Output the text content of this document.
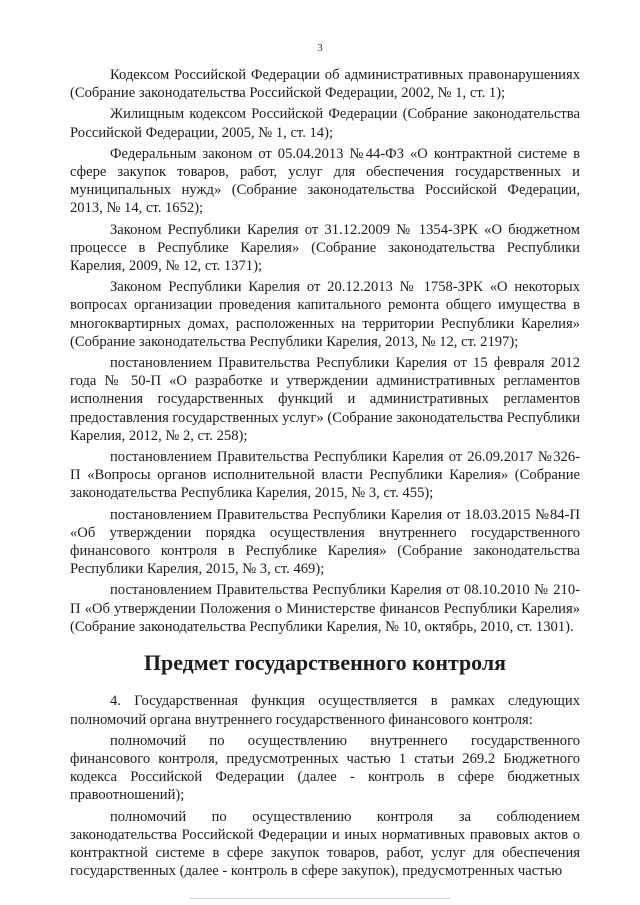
3

Кодексом Российской Федерации об административных правонарушениях (Собрание законодательства Российской Федерации, 2002, № 1, ст. 1);

Жилищным кодексом Российской Федерации (Собрание законодательства Российской Федерации, 2005, № 1, ст. 14);

Федеральным законом от 05.04.2013 №44-ФЗ «О контрактной системе в сфере закупок товаров, работ, услуг для обеспечения государственных и муниципальных нужд» (Собрание законодательства Российской Федерации, 2013, № 14, ст. 1652);

Законом Республики Карелия от 31.12.2009 № 1354-ЗРК «О бюджетном процессе в Республике Карелия» (Собрание законодательства Республики Карелия, 2009, № 12, ст. 1371);

Законом Республики Карелия от 20.12.2013 № 1758-ЗРК «О некоторых вопросах организации проведения капитального ремонта общего имущества в многоквартирных домах, расположенных на территории Республики Карелия» (Собрание законодательства Республики Карелия, 2013, № 12, ст. 2197);

постановлением Правительства Республики Карелия от 15 февраля 2012 года № 50-П «О разработке и утверждении административных регламентов исполнения государственных функций и административных регламентов предоставления государственных услуг» (Собрание законодательства Республики Карелия, 2012, № 2, ст. 258);

постановлением Правительства Республики Карелия от 26.09.2017 №326-П «Вопросы органов исполнительной власти Республики Карелия» (Собрание законодательства Республика Карелия, 2015, № 3, ст. 455);

постановлением Правительства Республики Карелия от 18.03.2015 №84-П «Об утверждении порядка осуществления внутреннего государственного финансового контроля в Республике Карелия» (Собрание законодательства Республики Карелия, 2015, № 3, ст. 469);

постановлением Правительства Республики Карелия от 08.10.2010 № 210-П «Об утверждении Положения о Министерстве финансов Республики Карелия» (Собрание законодательства Республики Карелия, № 10, октябрь, 2010, ст. 1301).

Предмет государственного контроля

4. Государственная функция осуществляется в рамках следующих полномочий органа внутреннего государственного финансового контроля:

полномочий по осуществлению внутреннего государственного финансового контроля, предусмотренных частью 1 статьи 269.2 Бюджетного кодекса Российской Федерации (далее - контроль в сфере бюджетных правоотношений);

полномочий по осуществлению контроля за соблюдением законодательства Российской Федерации и иных нормативных правовых актов о контрактной системе в сфере закупок товаров, работ, услуг для обеспечения государственных (далее - контроль в сфере закупок), предусмотренных частью
